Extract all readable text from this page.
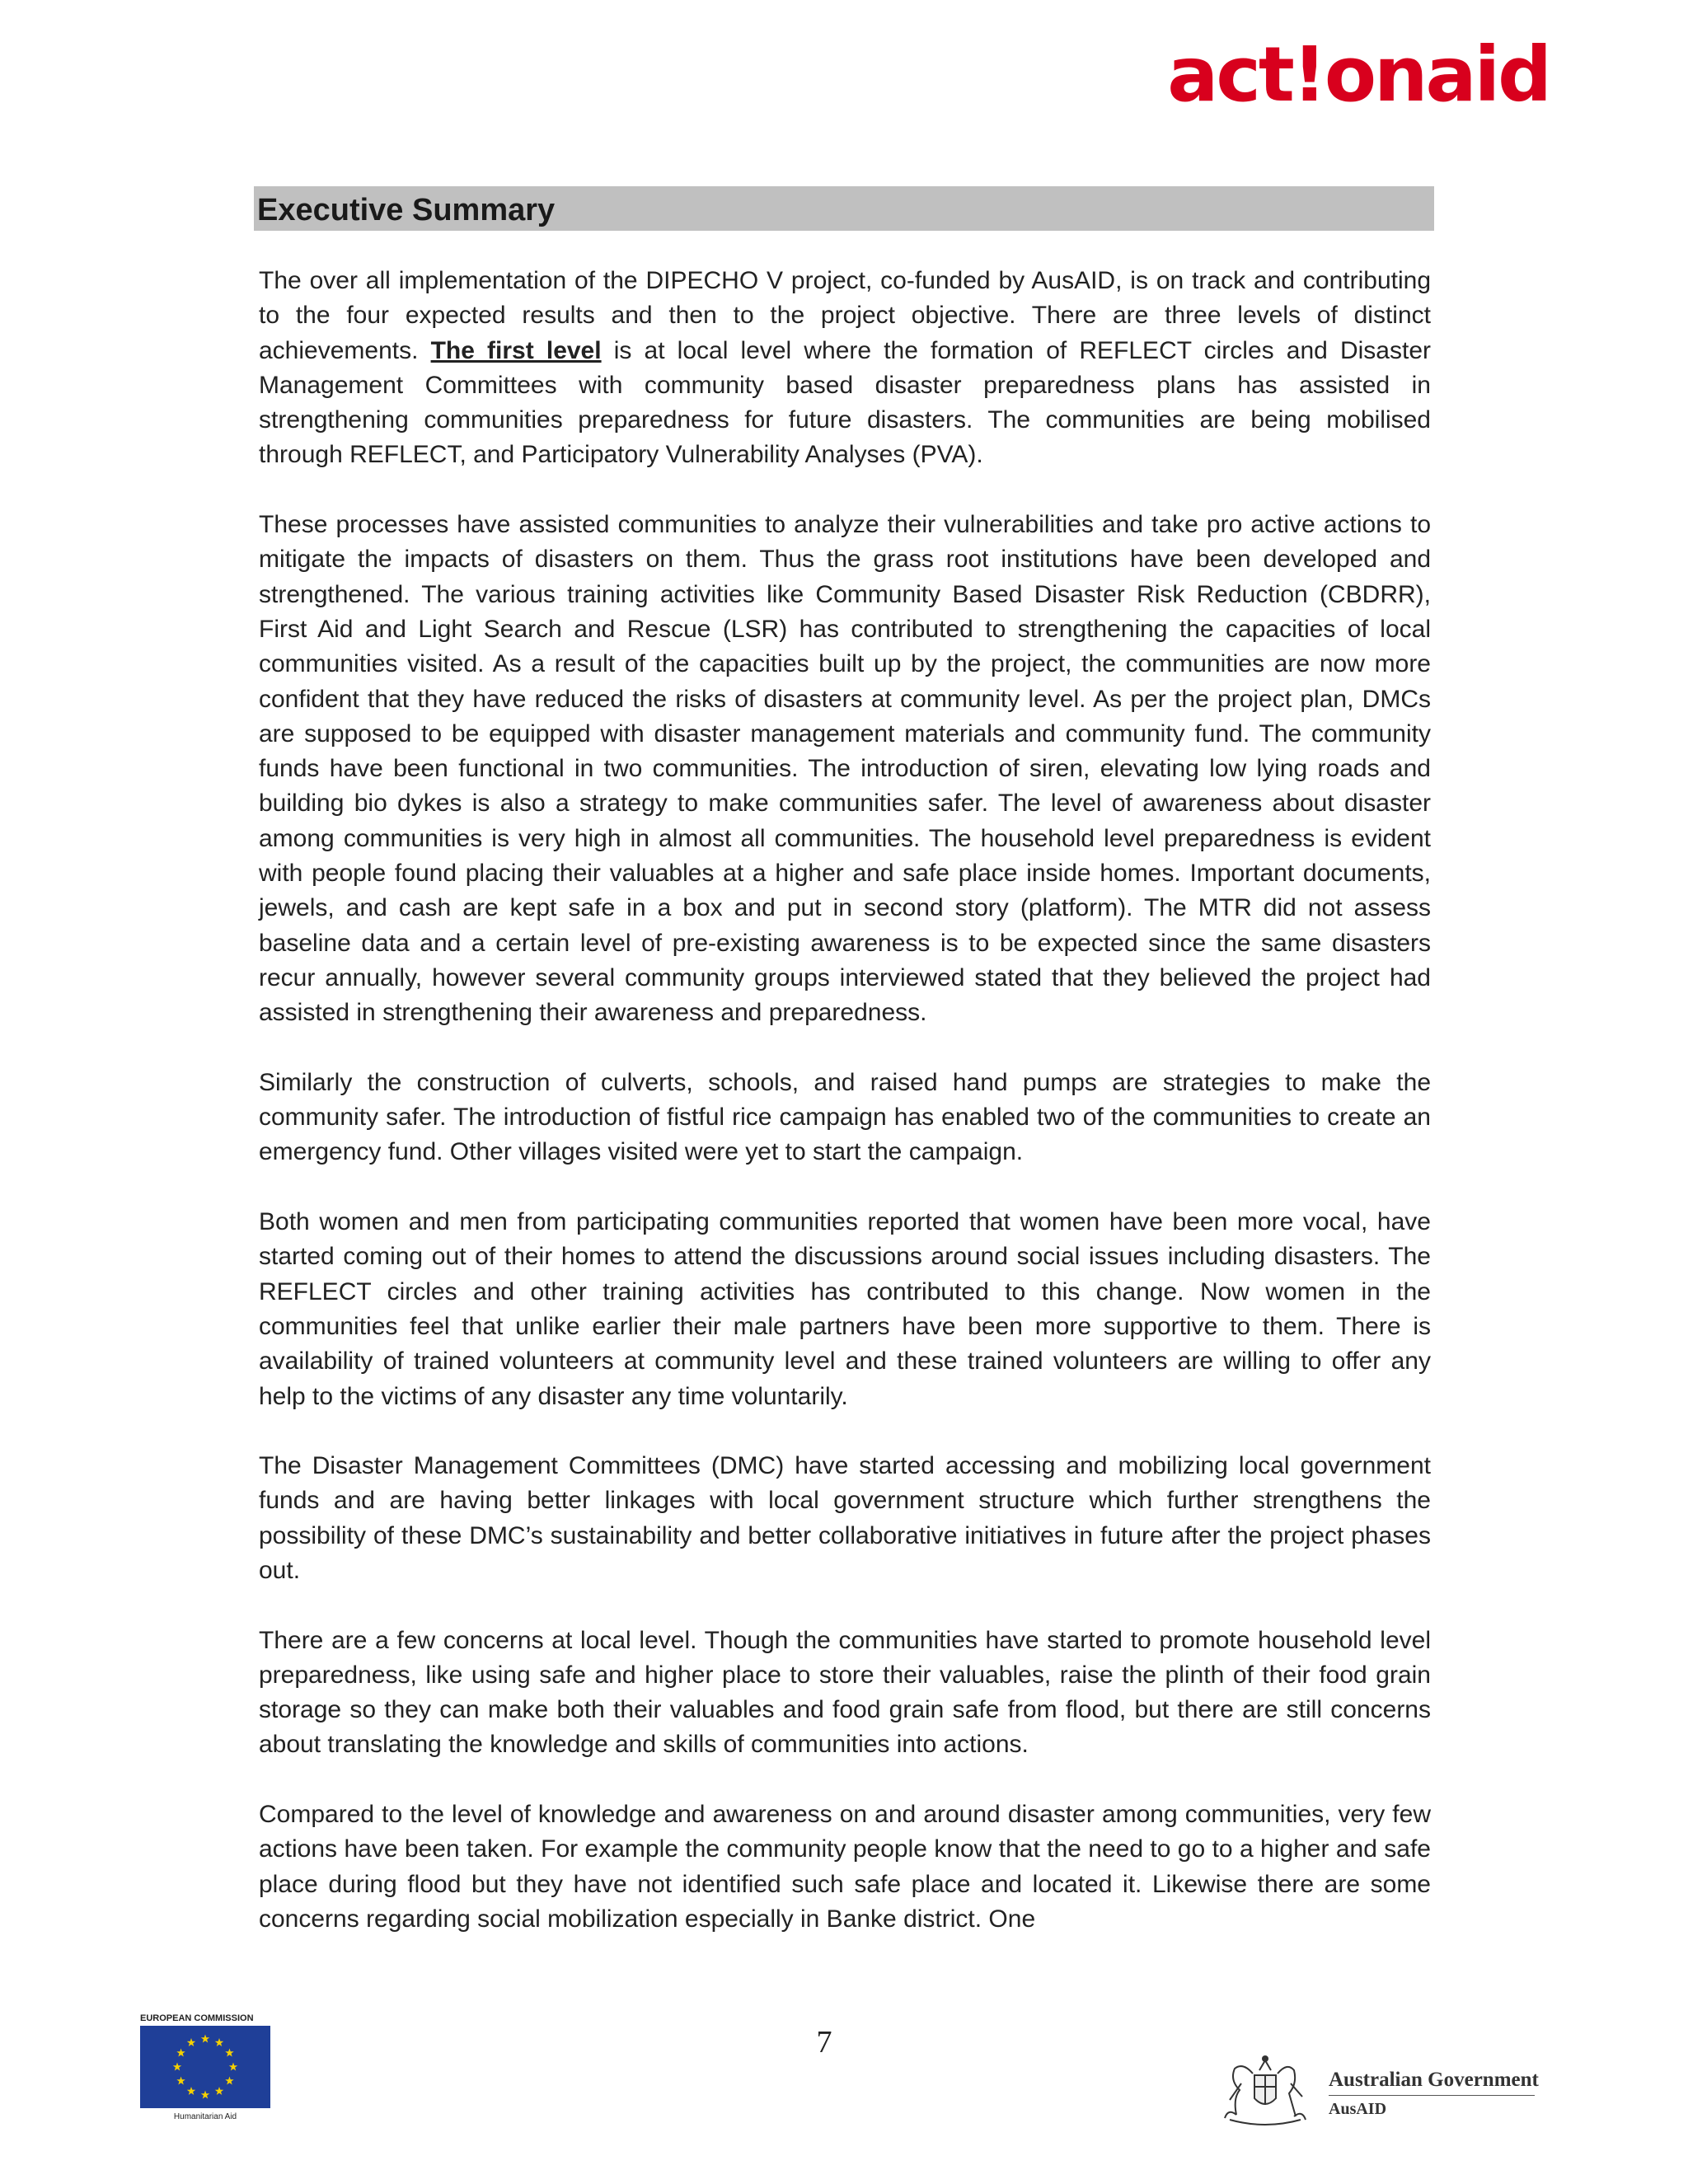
act!onaid
Executive Summary

The over all implementation of the DIPECHO V project, co-funded by AusAID, is on track and contributing to the four expected results and then to the project objective. There are three levels of distinct achievements. The first level is at local level where the formation of REFLECT circles and Disaster Management Committees with community based disaster preparedness plans has assisted in strengthening communities preparedness for future disasters. The communities are being mobilised through REFLECT, and Participatory Vulnerability Analyses (PVA).

These processes have assisted communities to analyze their vulnerabilities and take pro active actions to mitigate the impacts of disasters on them. Thus the grass root institutions have been developed and strengthened. The various training activities like Community Based Disaster Risk Reduction (CBDRR), First Aid and Light Search and Rescue (LSR) has contributed to strengthening the capacities of local communities visited. As a result of the capacities built up by the project, the communities are now more confident that they have reduced the risks of disasters at community level. As per the project plan, DMCs are supposed to be equipped with disaster management materials and community fund. The community funds have been functional in two communities. The introduction of siren, elevating low lying roads and building bio dykes is also a strategy to make communities safer. The level of awareness about disaster among communities is very high in almost all communities. The household level preparedness is evident with people found placing their valuables at a higher and safe place inside homes. Important documents, jewels, and cash are kept safe in a box and put in second story (platform). The MTR did not assess baseline data and a certain level of pre-existing awareness is to be expected since the same disasters recur annually, however several community groups interviewed stated that they believed the project had assisted in strengthening their awareness and preparedness.

Similarly the construction of culverts, schools, and raised hand pumps are strategies to make the community safer. The introduction of fistful rice campaign has enabled two of the communities to create an emergency fund. Other villages visited were yet to start the campaign.

Both women and men from participating communities reported that women have been more vocal, have started coming out of their homes to attend the discussions around social issues including disasters. The REFLECT circles and other training activities has contributed to this change. Now women in the communities feel that unlike earlier their male partners have been more supportive to them. There is availability of trained volunteers at community level and these trained volunteers are willing to offer any help to the victims of any disaster any time voluntarily.

The Disaster Management Committees (DMC) have started accessing and mobilizing local government funds and are having better linkages with local government structure which further strengthens the possibility of these DMC’s sustainability and better collaborative initiatives in future after the project phases out.

There are a few concerns at local level. Though the communities have started to promote household level preparedness, like using safe and higher place to store their valuables, raise the plinth of their food grain storage so they can make both their valuables and food grain safe from flood, but there are still concerns about translating the knowledge and skills of communities into actions.

Compared to the level of knowledge and awareness on and around disaster among communities, very few actions have been taken. For example the community people know that the need to go to a higher and safe place during flood but they have not identified such safe place and located it. Likewise there are some concerns regarding social mobilization especially in Banke district. One

7
EUROPEAN COMMISSION
Humanitarian Aid
Australian Government
AusAID
